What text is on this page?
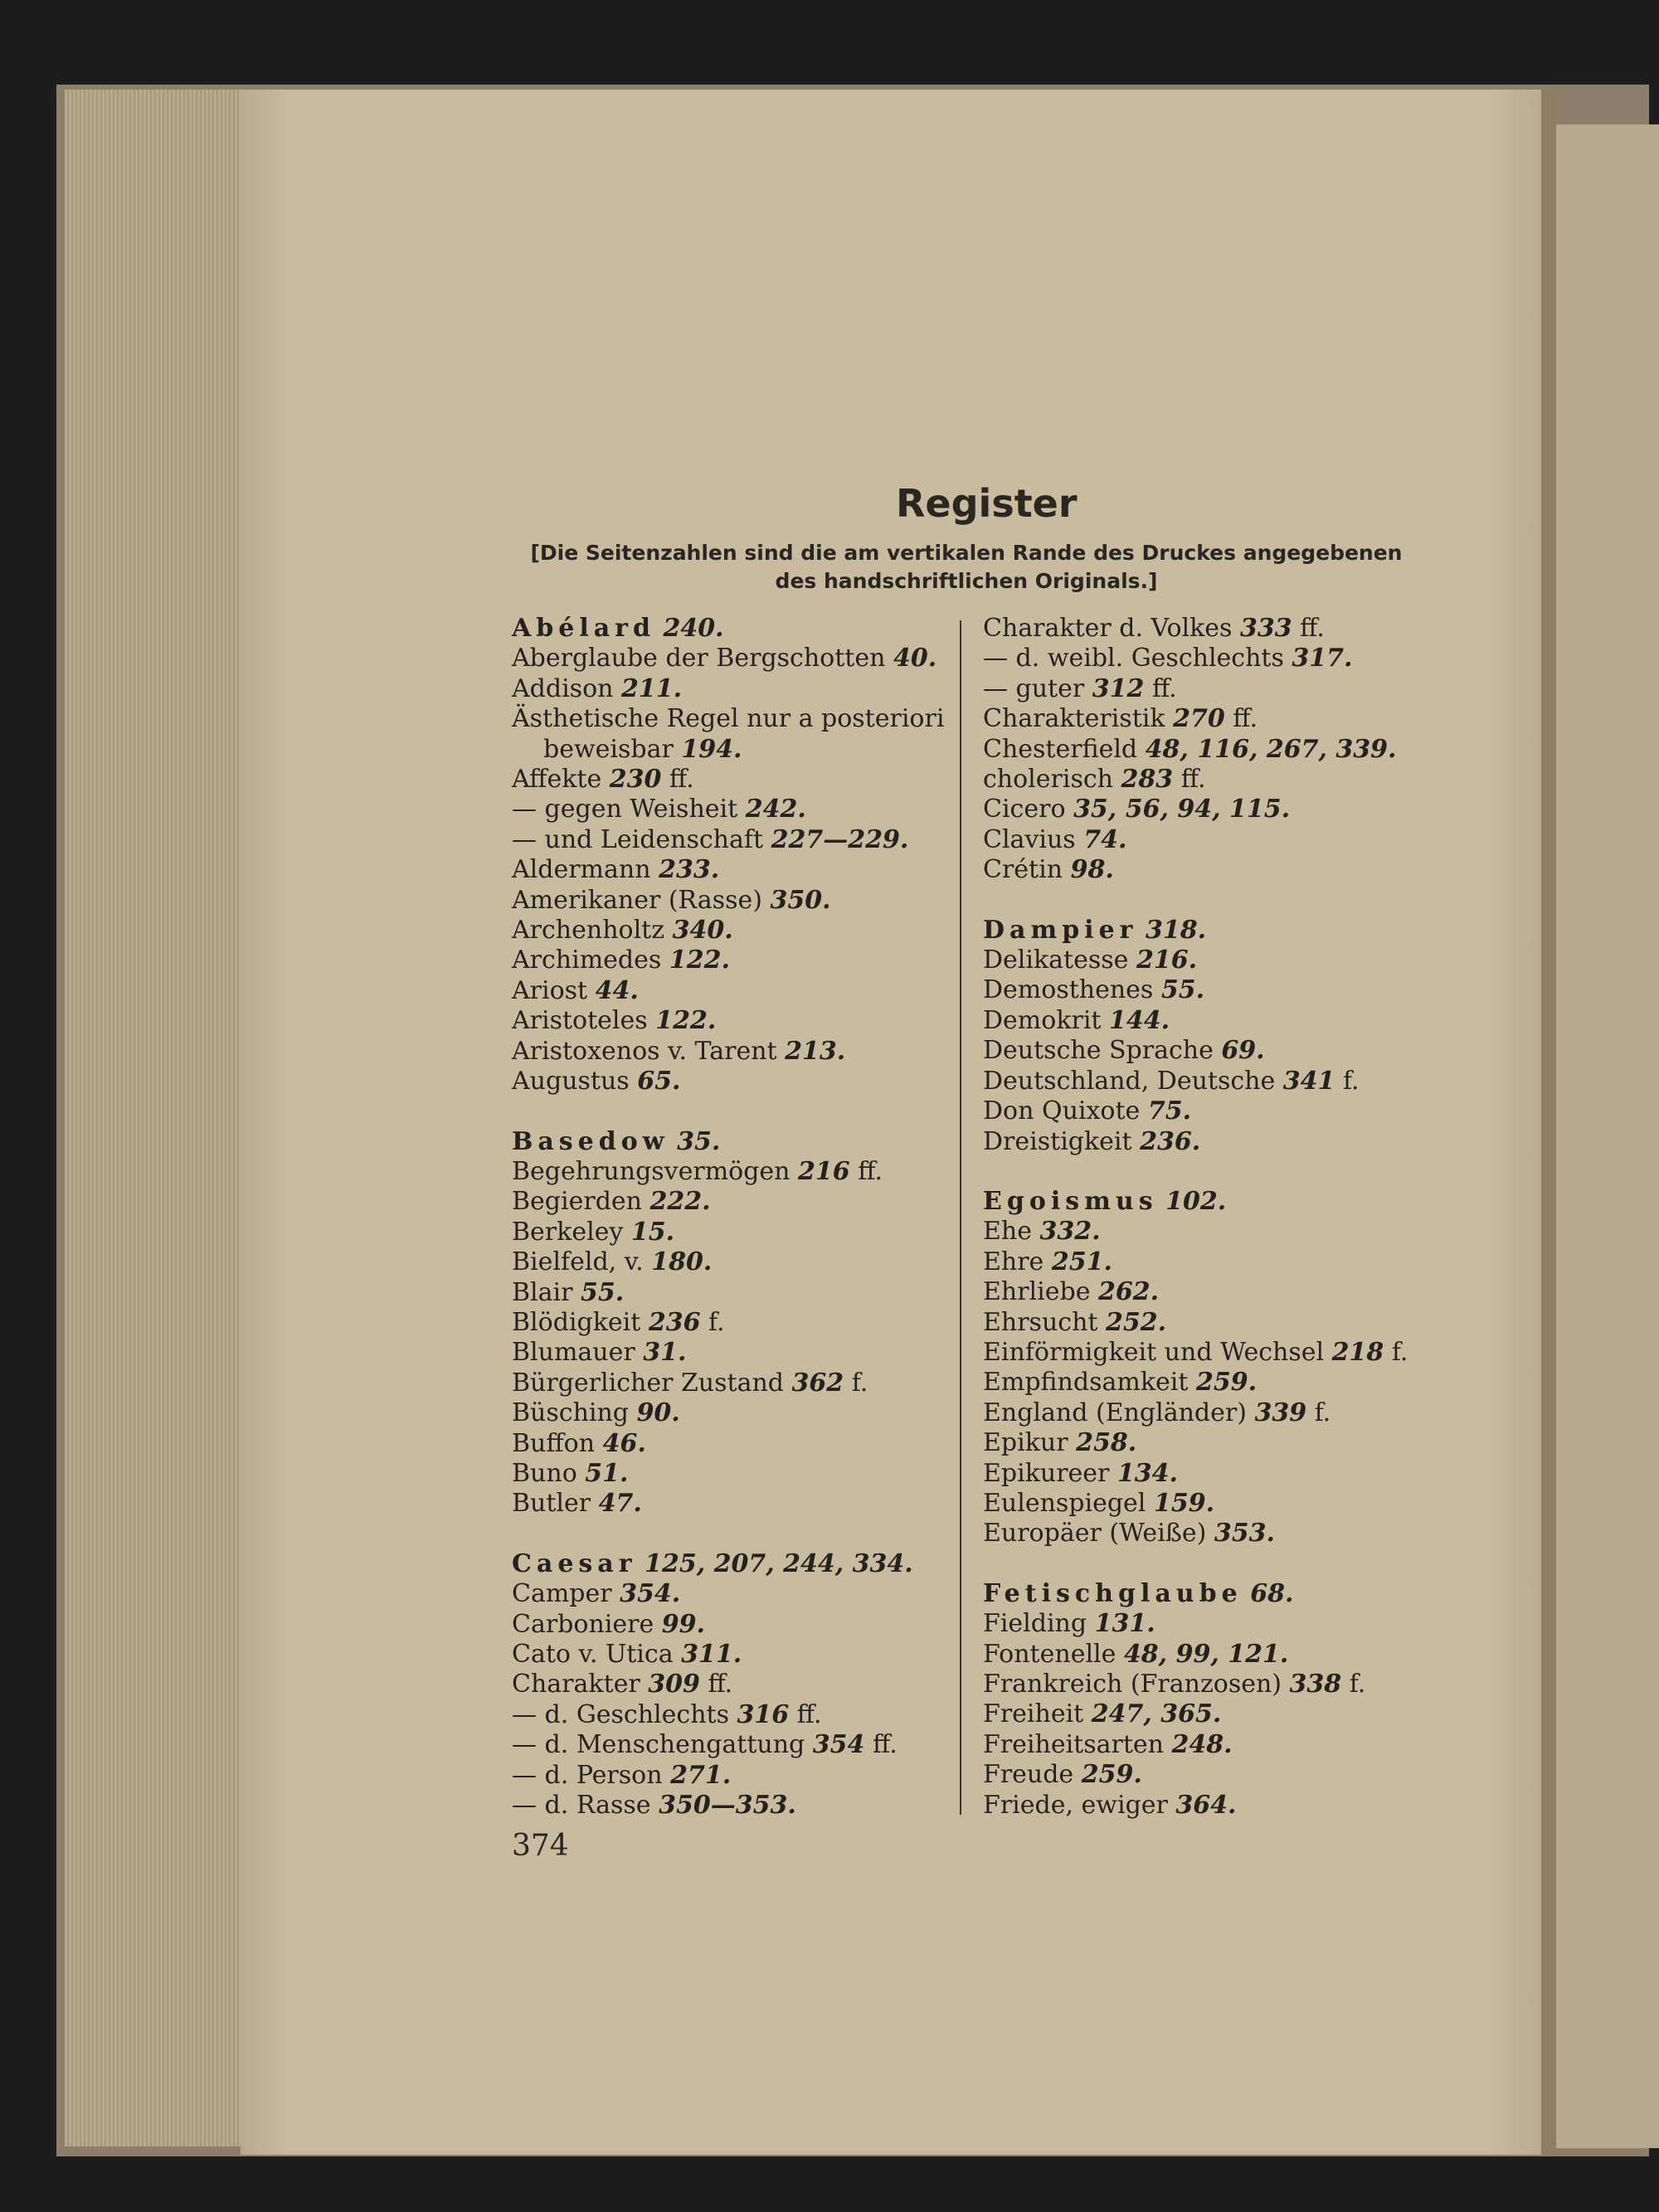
Register
[Die Seitenzahlen sind die am vertikalen Rande des Druckes angegebenen
des handschriftlichen Originals.]
Abélard 240.
Aberglaube der Bergschotten 40.
Addison 211.
Ästhetische Regel nur a posteriori
beweisbar 194.
Affekte 230 ff.
— gegen Weisheit 242.
— und Leidenschaft 227—229.
Aldermann 233.
Amerikaner (Rasse) 350.
Archenholtz 340.
Archimedes 122.
Ariost 44.
Aristoteles 122.
Aristoxenos v. Tarent 213.
Augustus 65.
Basedow 35.
Begehrungsvermögen 216 ff.
Begierden 222.
Berkeley 15.
Bielfeld, v. 180.
Blair 55.
Blödigkeit 236 f.
Blumauer 31.
Bürgerlicher Zustand 362 f.
Büsching 90.
Buffon 46.
Buno 51.
Butler 47.
Caesar 125, 207, 244, 334.
Camper 354.
Carboniere 99.
Cato v. Utica 311.
Charakter 309 ff.
— d. Geschlechts 316 ff.
— d. Menschengattung 354 ff.
— d. Person 271.
— d. Rasse 350—353.
Charakter d. Volkes 333 ff.
— d. weibl. Geschlechts 317.
— guter 312 ff.
Charakteristik 270 ff.
Chesterfield 48, 116, 267, 339.
cholerisch 283 ff.
Cicero 35, 56, 94, 115.
Clavius 74.
Crétin 98.
Dampier 318.
Delikatesse 216.
Demosthenes 55.
Demokrit 144.
Deutsche Sprache 69.
Deutschland, Deutsche 341 f.
Don Quixote 75.
Dreistigkeit 236.
Egoismus 102.
Ehe 332.
Ehre 251.
Ehrliebe 262.
Ehrsucht 252.
Einförmigkeit und Wechsel 218 f.
Empfindsamkeit 259.
England (Engländer) 339 f.
Epikur 258.
Epikureer 134.
Eulenspiegel 159.
Europäer (Weiße) 353.
Fetischglaube 68.
Fielding 131.
Fontenelle 48, 99, 121.
Frankreich (Franzosen) 338 f.
Freiheit 247, 365.
Freiheitsarten 248.
Freude 259.
Friede, ewiger 364.
374
